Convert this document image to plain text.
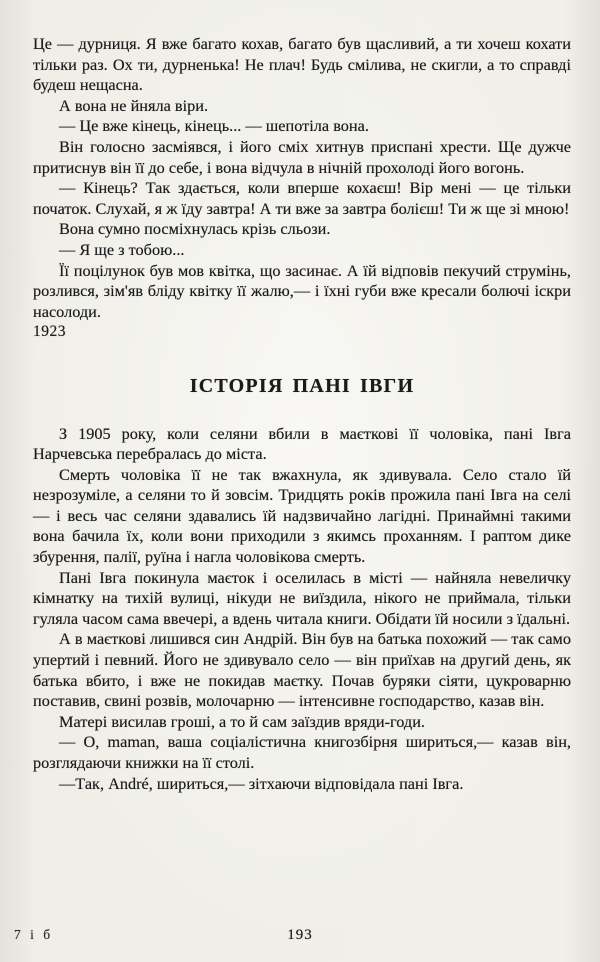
Це — дурниця. Я вже багато кохав, багато був щасливий, а ти хочеш кохати тільки раз. Ох ти, дурненька! Не плач! Будь смілива, не скигли, а то справді будеш нещасна.

А вона не йняла віри.

— Це вже кінець, кінець... — шепотіла вона.

Він голосно засміявся, і його сміх хитнув приспані хрести. Ще дужче притиснув він її до себе, і вона відчула в нічній прохолоді його вогонь.

— Кінець? Так здається, коли вперше кохаєш! Вір мені — це тільки початок. Слухай, я ж їду завтра! А ти вже за завтра болієш! Ти ж ще зі мною!

Вона сумно посміхнулась крізь сльози.

— Я ще з тобою...

Її поцілунок був мов квітка, що засинає. А їй відповів пекучий струмінь, розлився, зім'яв бліду квітку її жалю,— і їхні губи вже кресали болючі іскри насолоди.

1923

ІСТОРІЯ ПАНІ ІВГИ

З 1905 року, коли селяни вбили в маєткові її чоловіка, пані Івга Нарчевська перебралась до міста.

Смерть чоловіка її не так вжахнула, як здивувала. Село стало їй незрозуміле, а селяни то й зовсім. Тридцять років прожила пані Івга на селі — і весь час селяни здавались їй надзвичайно лагідні. Принаймні такими вона бачила їх, коли вони приходили з якимсь проханням. І раптом дике збурення, палії, руїна і нагла чоловікова смерть.

Пані Івга покинула маєток і оселилась в місті — найняла невеличку кімнатку на тихій вулиці, нікуди не виїздила, нікого не приймала, тільки гуляла часом сама ввечері, а вдень читала книги. Обідати їй носили з їдальні.

А в маєткові лишився син Андрій. Він був на батька похожий — так само упертий і певний. Його не здивувало село — він приїхав на другий день, як батька вбито, і вже не покидав маєтку. Почав буряки сіяти, цукроварню поставив, свині розвів, молочарню — інтенсивне господарство, казав він.

Матері висилав гроші, а то й сам заїздив вряди-годи.

— О, maman, ваша соціалістична книгозбірня шириться,— казав він, розглядаючи книжки на її столі.

—Так, André, шириться,— зітхаючи відповідала пані Івга.

7 і б	193
